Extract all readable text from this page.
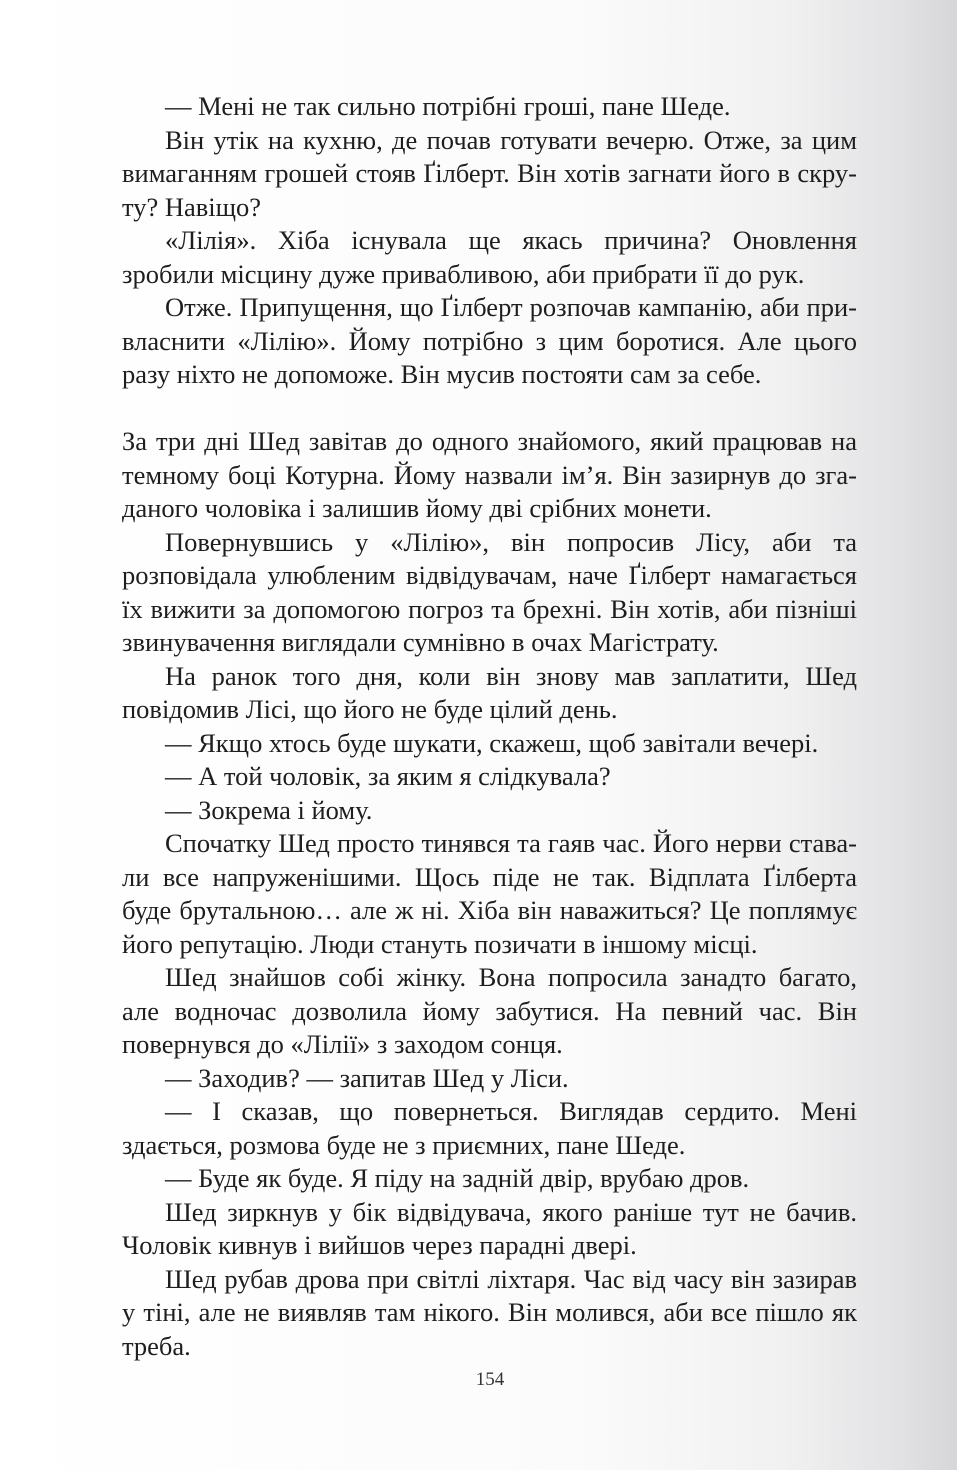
— Мені не так сильно потрібні гроші, пане Шеде.

Він утік на кухню, де почав готувати вечерю. Отже, за цим вимаганням грошей стояв Ґілберт. Він хотів загнати його в скруту? Навіщо?

«Лілія». Хіба існувала ще якась причина? Оновлення зробили місцину дуже привабливою, аби прибрати її до рук.

Отже. Припущення, що Ґілберт розпочав кампанію, аби привласнити «Лілію». Йому потрібно з цим боротися. Але цього разу ніхто не допоможе. Він мусив постояти сам за себе.

За три дні Шед завітав до одного знайомого, який працював на темному боці Котурна. Йому назвали ім’я. Він зазирнув до згаданого чоловіка і залишив йому дві срібних монети.

Повернувшись у «Лілію», він попросив Лісу, аби та розповідала улюбленим відвідувачам, наче Ґілберт намагається їх вижити за допомогою погроз та брехні. Він хотів, аби пізніші звинувачення виглядали сумнівно в очах Магістрату.

На ранок того дня, коли він знову мав заплатити, Шед повідомив Лісі, що його не буде цілий день.

— Якщо хтось буде шукати, скажеш, щоб завітали вечері.

— А той чоловік, за яким я слідкувала?

— Зокрема і йому.

Спочатку Шед просто тинявся та гаяв час. Його нерви ставали все напруженішими. Щось піде не так. Відплата Ґілберта буде брутальною… але ж ні. Хіба він наважиться? Це поплямує його репутацію. Люди стануть позичати в іншому місці.

Шед знайшов собі жінку. Вона попросила занадто багато, але водночас дозволила йому забутися. На певний час. Він повернувся до «Лілії» з заходом сонця.

— Заходив? — запитав Шед у Ліси.

— І сказав, що повернеться. Виглядав сердито. Мені здається, розмова буде не з приємних, пане Шеде.

— Буде як буде. Я піду на задній двір, врубаю дров.

Шед зиркнув у бік відвідувача, якого раніше тут не бачив. Чоловік кивнув і вийшов через парадні двері.

Шед рубав дрова при світлі ліхтаря. Час від часу він зазирав у тіні, але не виявляв там нікого. Він молився, аби все пішло як треба.

154
